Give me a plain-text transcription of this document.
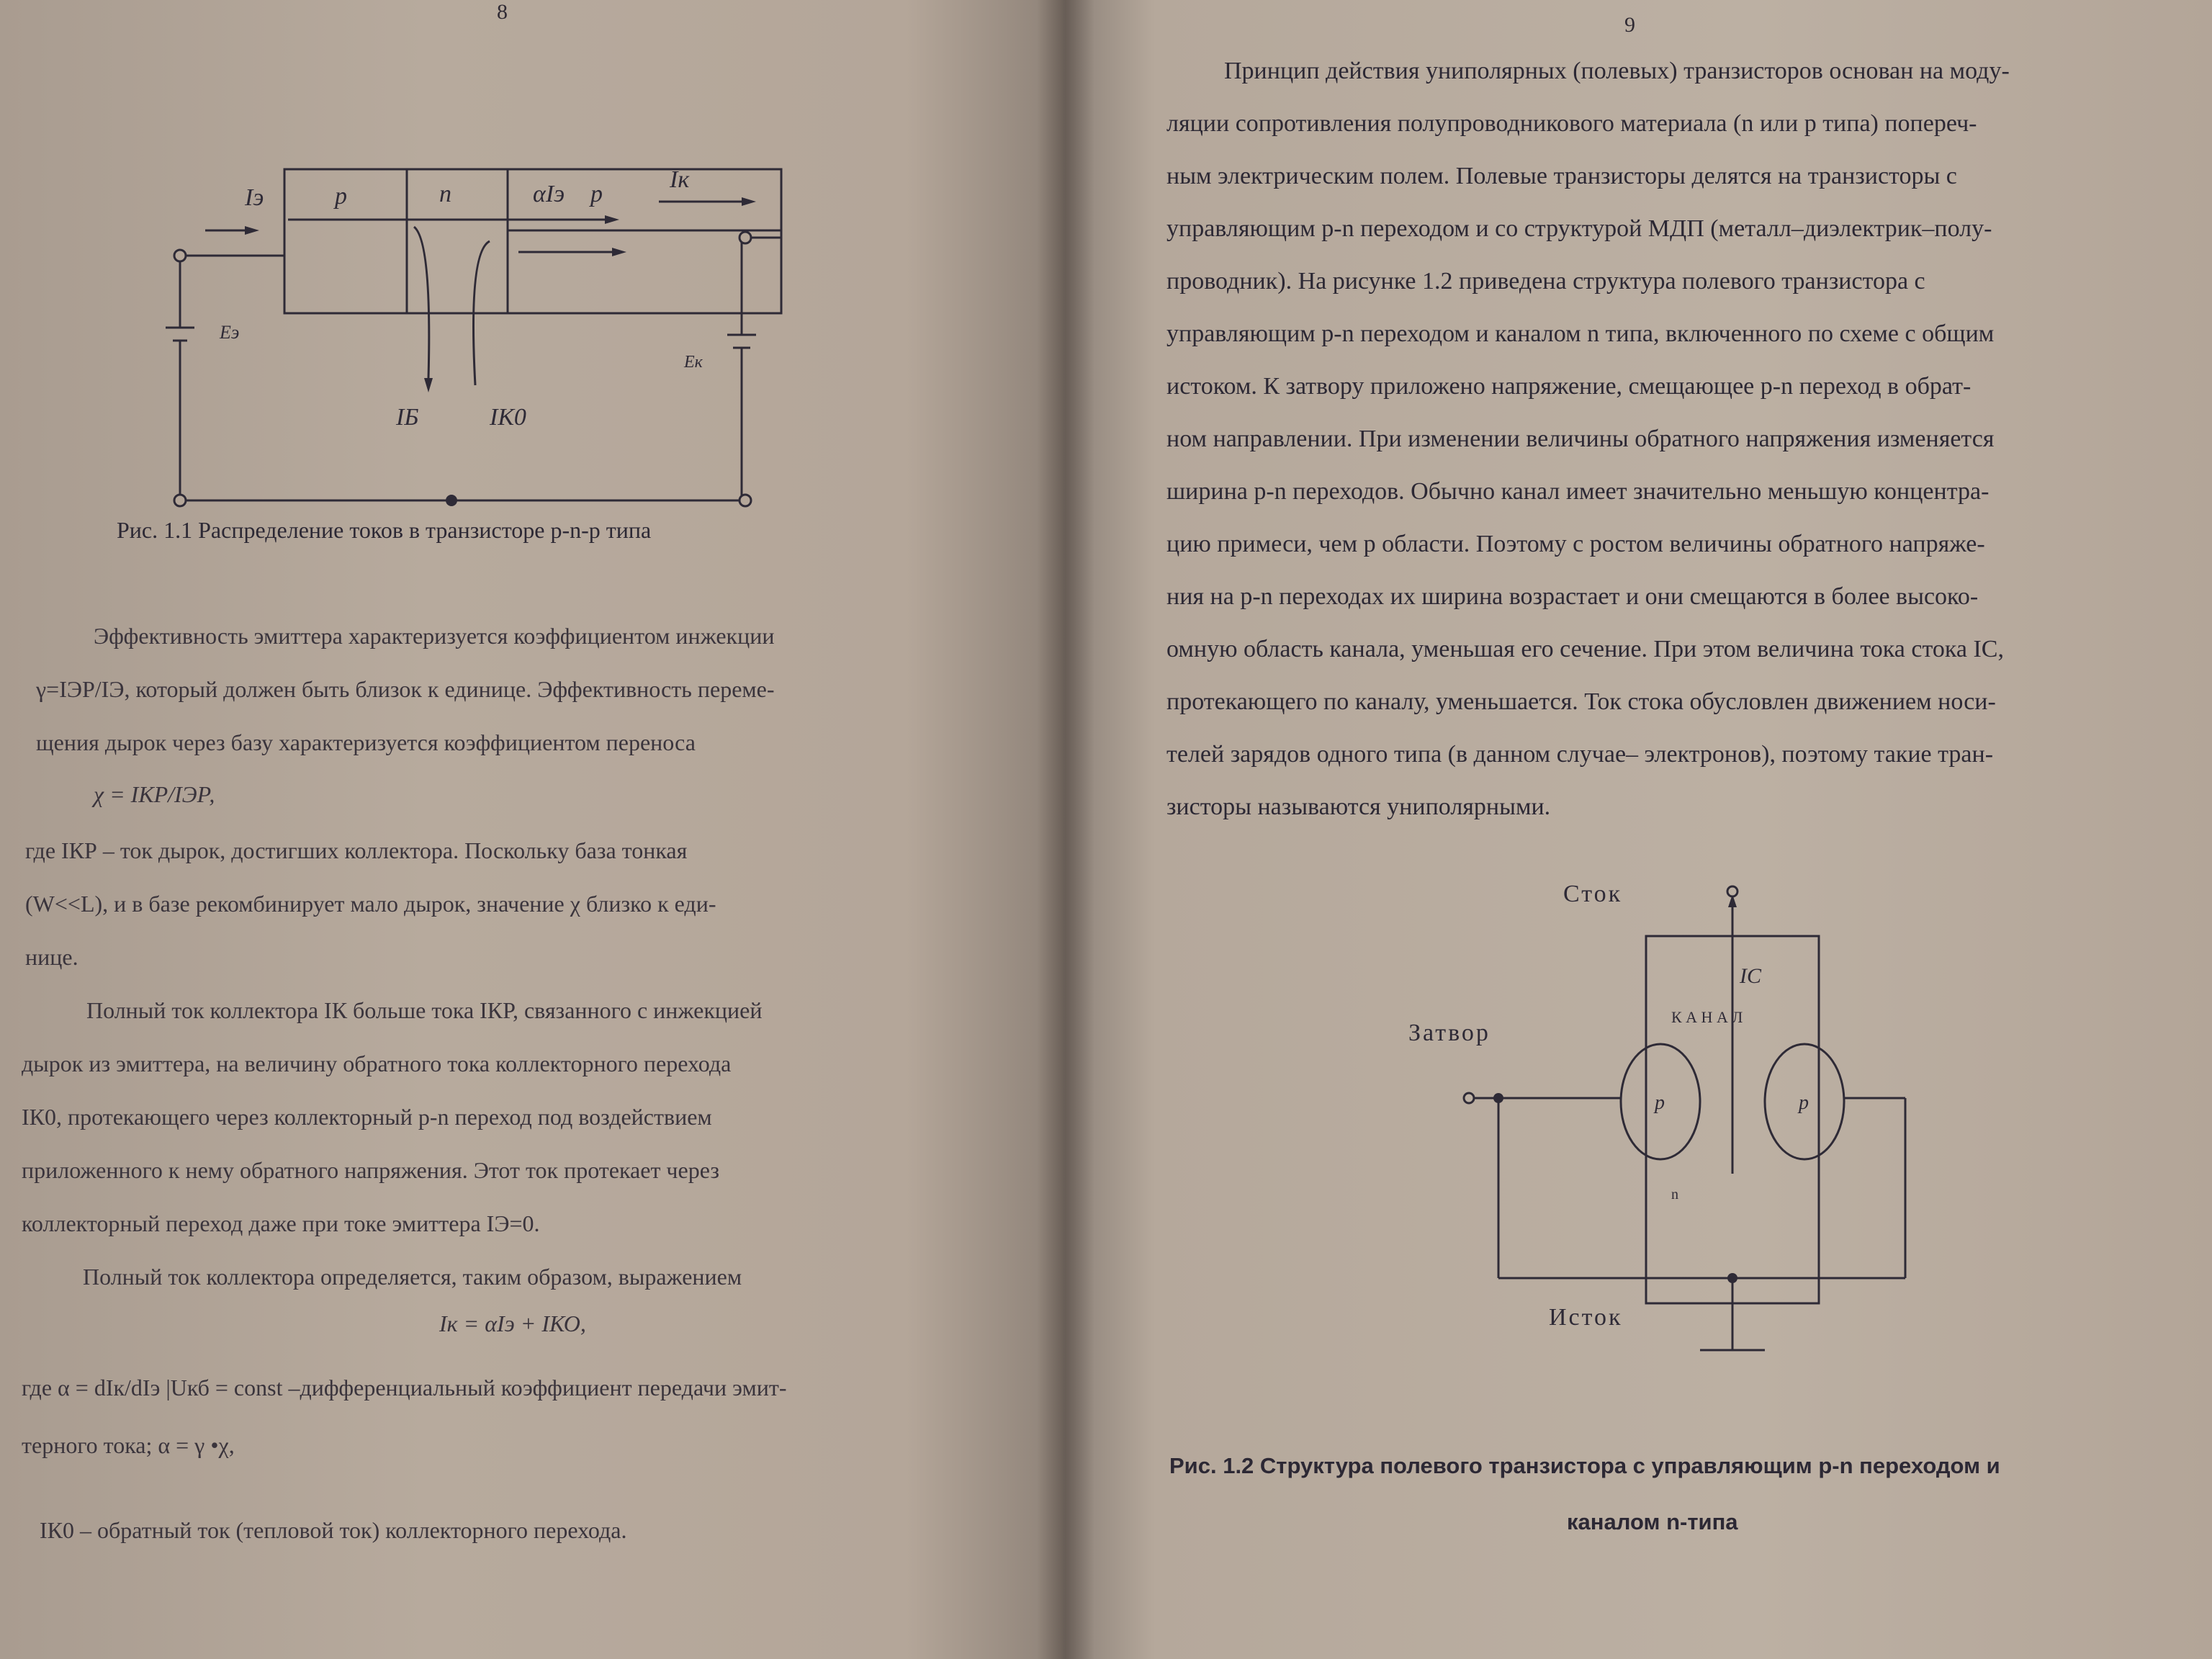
8
Iэ	p	n	αIэ p
Iк
Eэ
Eк
IБ	IК0
Рис. 1.1 Распределение токов в транзисторе p-n-p типа
Эффективность эмиттера характеризуется коэффициентом инжекции
γ=IЭР/IЭ, который должен быть близок к единице. Эффективность переме-
щения дырок через базу характеризуется коэффициентом переноса
χ = IКР/IЭР,
где IКР – ток дырок, достигших коллектора. Поскольку база тонкая
(W<<L), и в базе рекомбинирует мало дырок, значение χ близко к еди-
нице.
Полный ток коллектора IК больше тока IКР, связанного с инжекцией
дырок из эмиттера, на величину обратного тока коллекторного перехода
IК0, протекающего через коллекторный p-n переход под воздействием
приложенного к нему обратного напряжения. Этот ток протекает через
коллекторный переход даже при токе эмиттера IЭ=0.
Полный ток коллектора определяется, таким образом, выражением
Iк = αIэ + IКО,
где α = dIк/dIэ |Uкб = const –дифференциальный коэффициент передачи эмит-
терного тока; α = γ •χ,
IК0 – обратный ток (тепловой ток) коллекторного перехода.
9
Принцип действия униполярных (полевых) транзисторов основан на моду-
ляции сопротивления полупроводникового материала (n или p типа) попереч-
ным электрическим полем. Полевые транзисторы делятся на транзисторы с
управляющим p-n переходом и со структурой МДП (металл–диэлектрик–полу-
проводник). На рисунке 1.2 приведена структура полевого транзистора с
управляющим p-n переходом и каналом n типа, включенного по схеме с общим
истоком. К затвору приложено напряжение, смещающее p-n переход в обрат-
ном направлении. При изменении величины обратного напряжения изменяется
ширина p-n переходов. Обычно канал имеет значительно меньшую концентра-
цию примеси, чем p области. Поэтому с ростом величины обратного напряже-
ния на p-n переходах их ширина возрастает и они смещаются в более высоко-
омную область канала, уменьшая его сечение. При этом величина тока стока IC,
протекающего по каналу, уменьшается. Ток стока обусловлен движением носи-
телей зарядов одного типа (в данном случае– электронов), поэтому такие тран-
зисторы называются униполярными.
Сток
Затвор
Исток
IC
К А Н А Л
p	p
n
Рис. 1.2 Структура полевого транзистора с управляющим p-n переходом и
каналом n-типа
